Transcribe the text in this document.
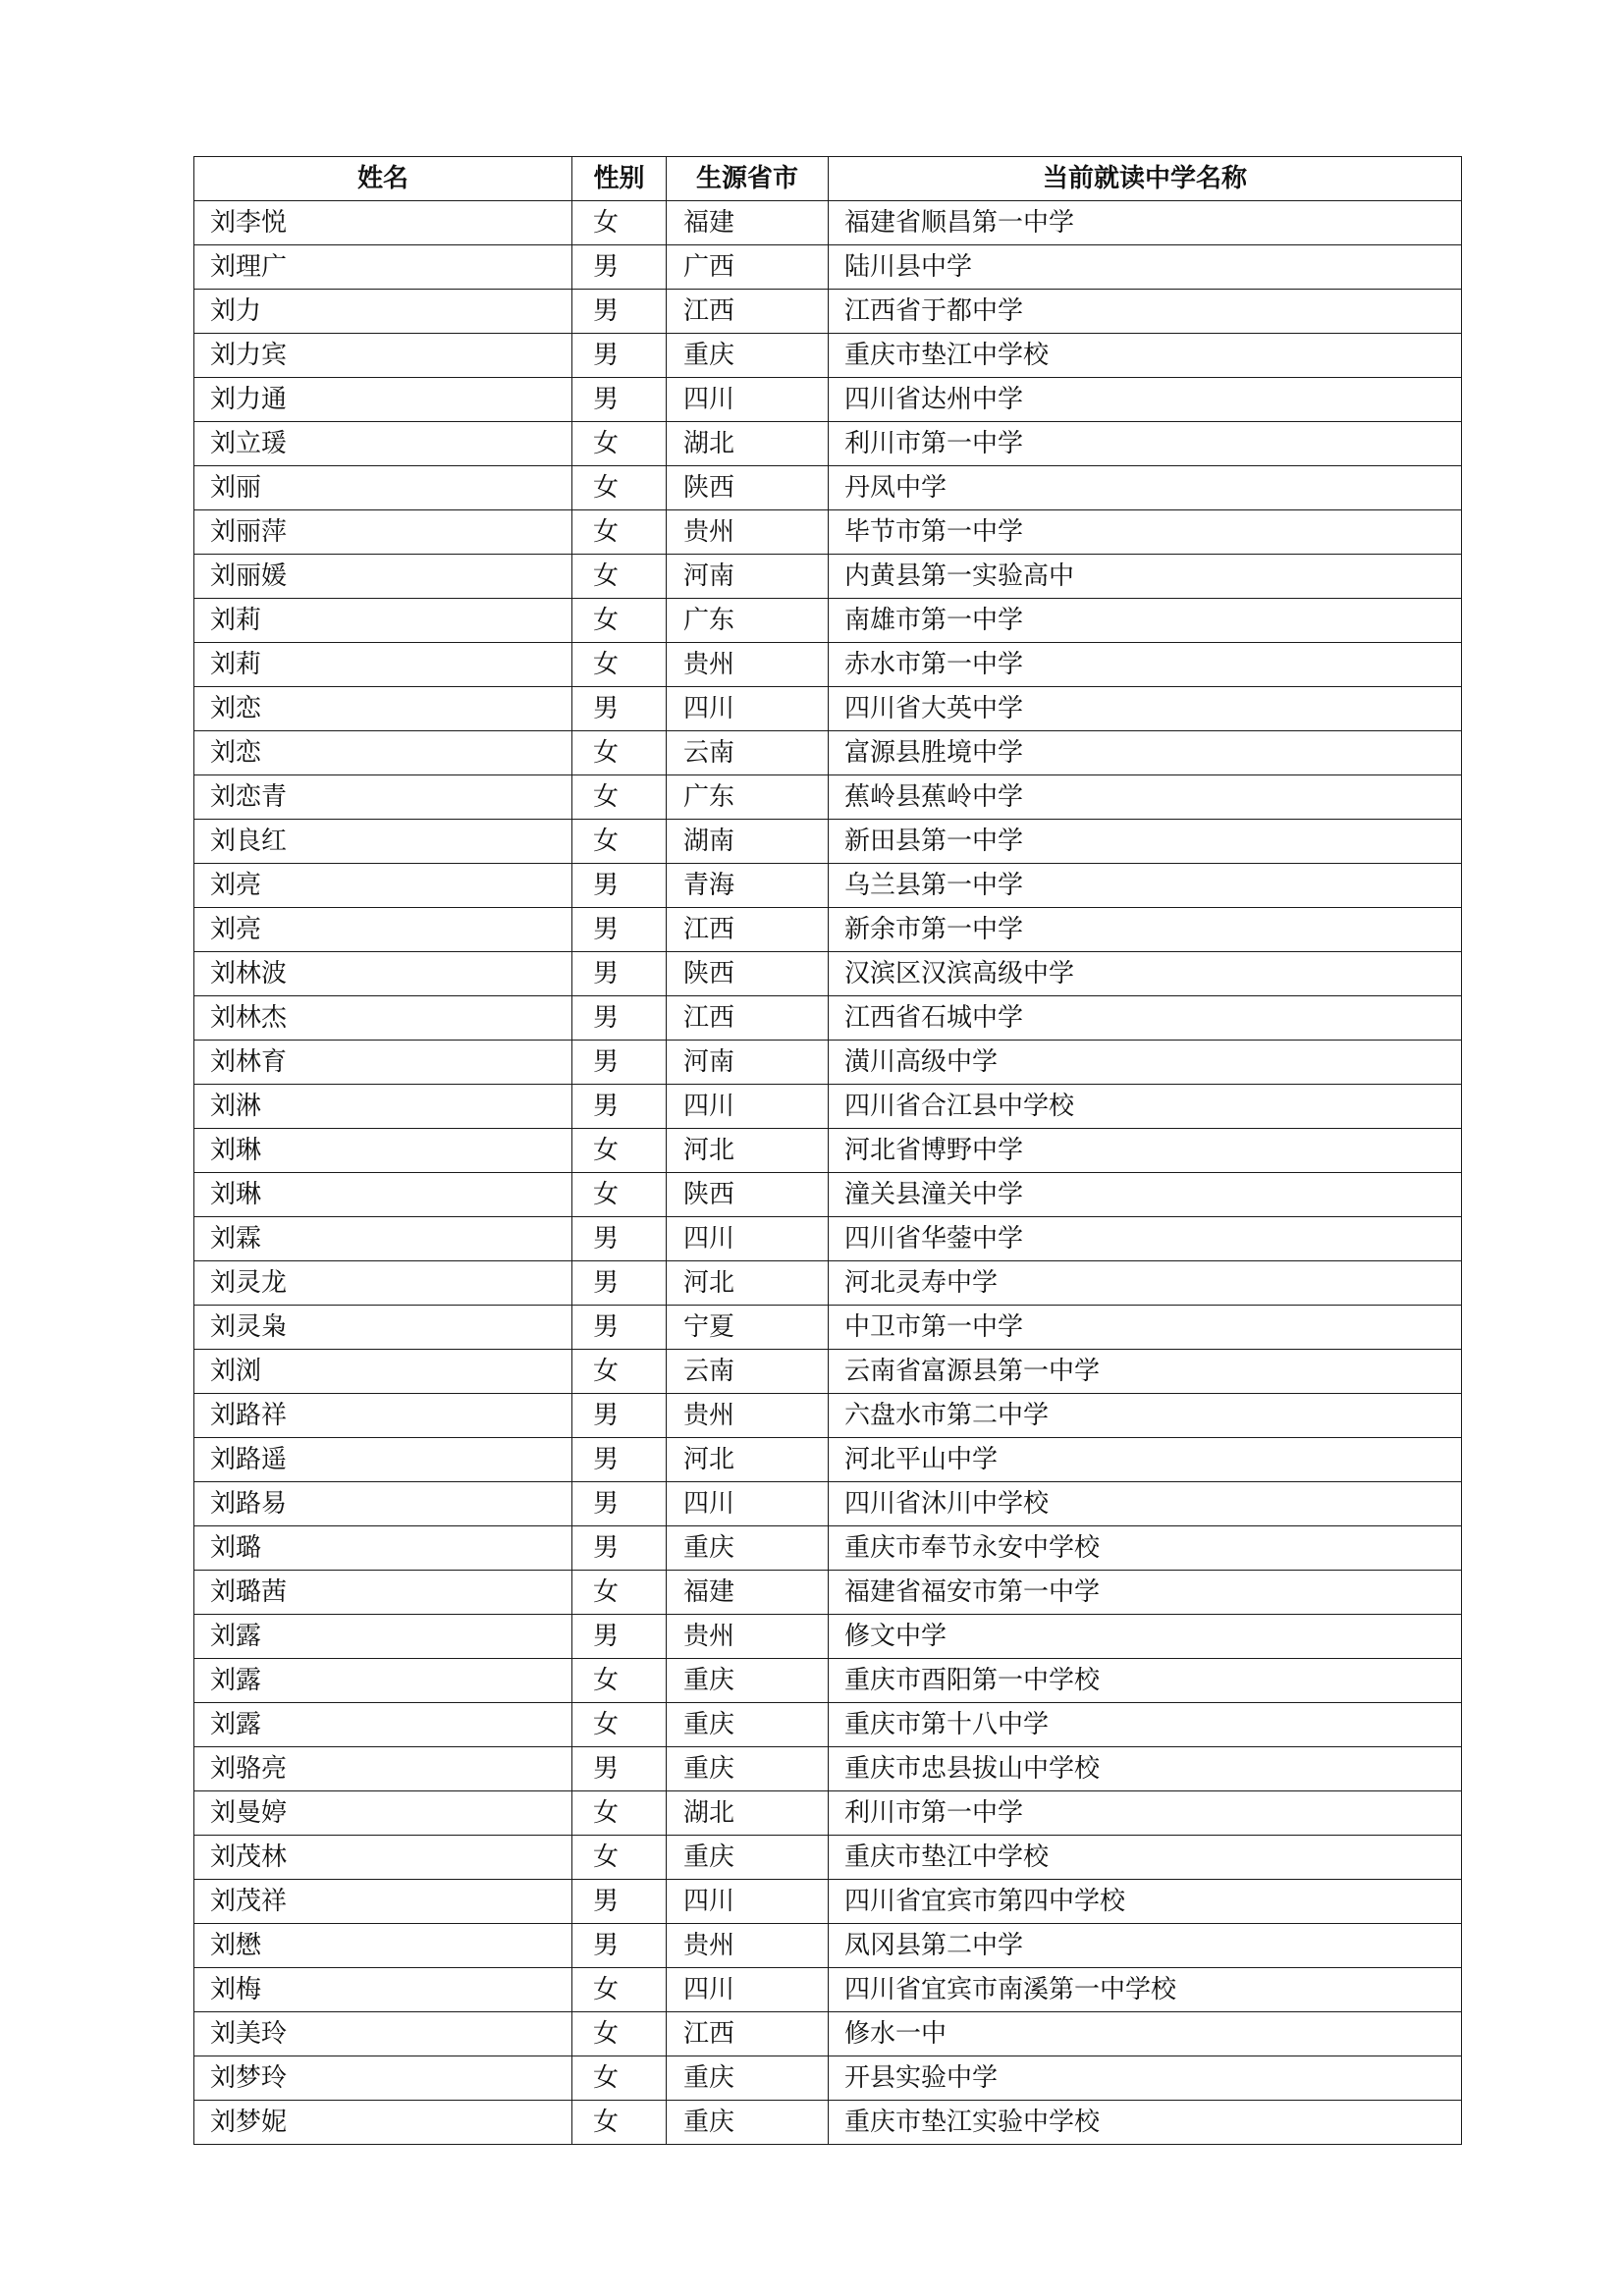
姓名	性别	生源省市	当前就读中学名称
刘李悦	女	福建	福建省顺昌第一中学
刘理广	男	广西	陆川县中学
刘力	男	江西	江西省于都中学
刘力宾	男	重庆	重庆市垫江中学校
刘力通	男	四川	四川省达州中学
刘立瑗	女	湖北	利川市第一中学
刘丽	女	陕西	丹凤中学
刘丽萍	女	贵州	毕节市第一中学
刘丽媛	女	河南	内黄县第一实验高中
刘莉	女	广东	南雄市第一中学
刘莉	女	贵州	赤水市第一中学
刘恋	男	四川	四川省大英中学
刘恋	女	云南	富源县胜境中学
刘恋青	女	广东	蕉岭县蕉岭中学
刘良红	女	湖南	新田县第一中学
刘亮	男	青海	乌兰县第一中学
刘亮	男	江西	新余市第一中学
刘林波	男	陕西	汉滨区汉滨高级中学
刘林杰	男	江西	江西省石城中学
刘林育	男	河南	潢川高级中学
刘淋	男	四川	四川省合江县中学校
刘琳	女	河北	河北省博野中学
刘琳	女	陕西	潼关县潼关中学
刘霖	男	四川	四川省华蓥中学
刘灵龙	男	河北	河北灵寿中学
刘灵枭	男	宁夏	中卫市第一中学
刘浏	女	云南	云南省富源县第一中学
刘路祥	男	贵州	六盘水市第二中学
刘路遥	男	河北	河北平山中学
刘路易	男	四川	四川省沐川中学校
刘璐	男	重庆	重庆市奉节永安中学校
刘璐茜	女	福建	福建省福安市第一中学
刘露	男	贵州	修文中学
刘露	女	重庆	重庆市酉阳第一中学校
刘露	女	重庆	重庆市第十八中学
刘骆亮	男	重庆	重庆市忠县拔山中学校
刘曼婷	女	湖北	利川市第一中学
刘茂林	女	重庆	重庆市垫江中学校
刘茂祥	男	四川	四川省宜宾市第四中学校
刘懋	男	贵州	凤冈县第二中学
刘梅	女	四川	四川省宜宾市南溪第一中学校
刘美玲	女	江西	修水一中
刘梦玲	女	重庆	开县实验中学
刘梦妮	女	重庆	重庆市垫江实验中学校
